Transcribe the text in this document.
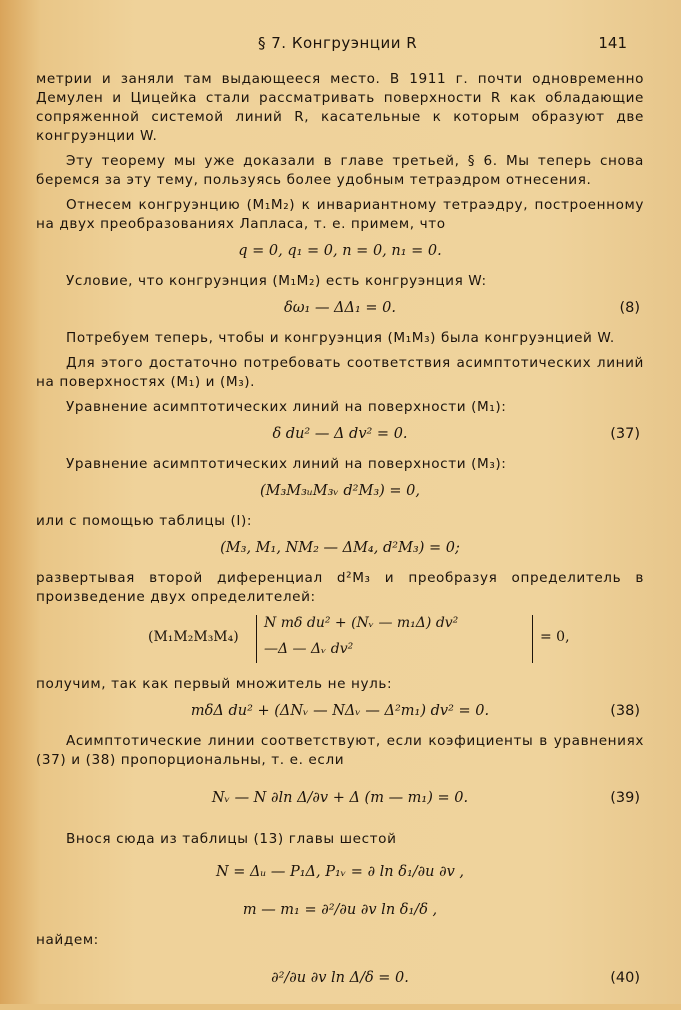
§ 7. Конгруэнции R	141

метрии и заняли там выдающееся место. В 1911 г. почти одновременно Демулен и Цицейка стали рассматривать поверхности R как обладающие сопряженной системой линий R, касательные к которым образуют две конгруэнции W.

Эту теорему мы уже доказали в главе третьей, § 6. Мы теперь снова беремся за эту тему, пользуясь более удобным тетраэдром отнесения.

Отнесем конгруэнцию (M₁M₂) к инвариантному тетраэдру, построенному на двух преобразованиях Лапласа, т. е. примем, что

q = 0, q₁ = 0, n = 0, n₁ = 0.

Условие, что конгруэнция (M₁M₂) есть конгруэнция W:

δω₁ — ΔΔ₁ = 0.	(8)

Потребуем теперь, чтобы и конгруэнция (M₁M₃) была конгруэнцией W.

Для этого достаточно потребовать соответствия асимптотических линий на поверхностях (M₁) и (M₃).

Уравнение асимптотических линий на поверхности (M₁):

δ du² — Δ dv² = 0.	(37)

Уравнение асимптотических линий на поверхности (M₃):

(M₃M₃ᵤM₃ᵥ d²M₃) = 0,

или с помощью таблицы (I):

(M₃, M₁, NM₂ — ΔM₄, d²M₃) = 0;

развертывая второй диференциал d²M₃ и преобразуя определитель в произведение двух определителей:

(M₁M₂M₃M₄)
N mδ du² + (Nᵥ — m₁Δ) dv²
—Δ — Δᵥ dv²
= 0,

получим, так как первый множитель не нуль:

mδΔ du² + (ΔNᵥ — NΔᵥ — Δ²m₁) dv² = 0.	(38)

Асимптотические линии соответствуют, если коэфициенты в уравнениях (37) и (38) пропорциональны, т. е. если

Nᵥ — N ∂ln Δ/∂v + Δ (m — m₁) = 0.	(39)

Внося сюда из таблицы (13) главы шестой

N = Δᵤ — P₁Δ, P₁ᵥ = ∂ ln δ₁/∂u ∂v ,
m — m₁ = ∂²/∂u ∂v ln δ₁/δ ,

найдем:

∂²/∂u ∂v ln Δ/δ = 0.	(40)
